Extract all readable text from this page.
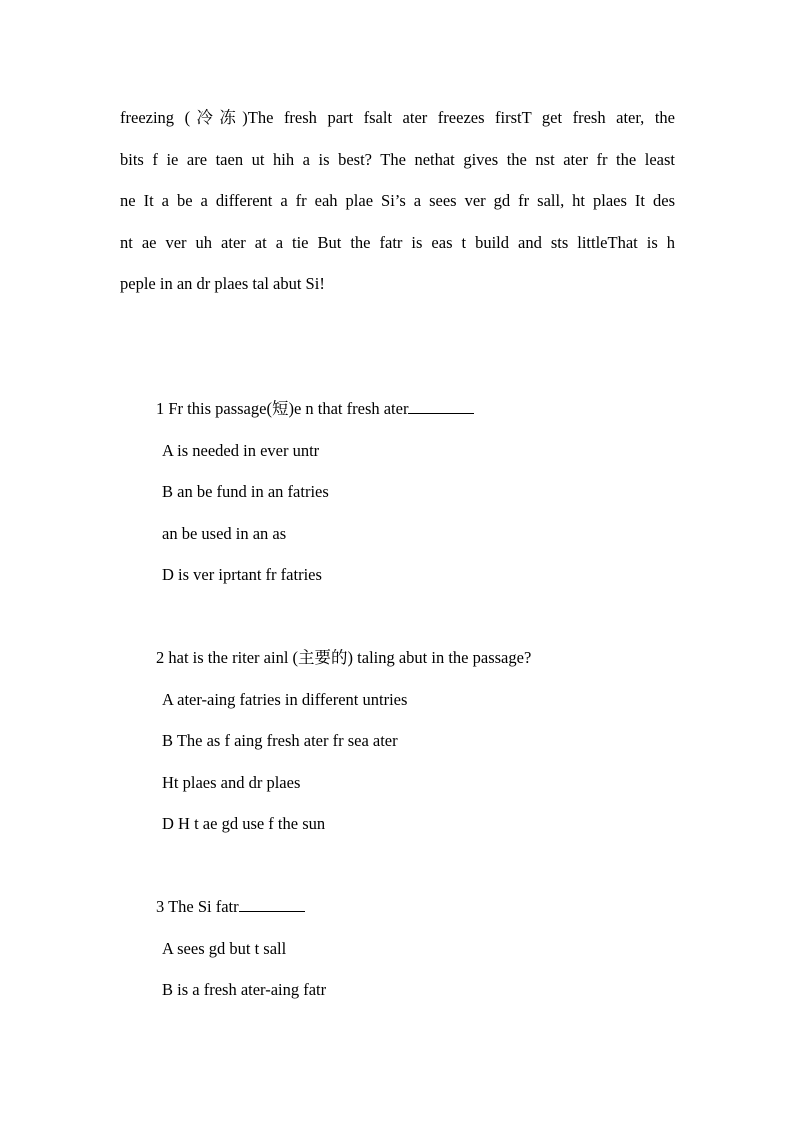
freezing (冷冻)The fresh part fsalt ater freezes firstT get fresh ater, the
bits f ie are taen ut hih a is best? The nethat gives the nst ater fr the least
ne It a be a different a fr eah plae Si’s a sees ver gd fr sall, ht plaes It des
nt ae ver uh ater at a tie But the fatr is eas t build and sts littleThat is h
peple in an dr plaes tal abut Si!
1 Fr this passage(短)e n that fresh ater
A is needed in ever untr
B an be fund in an fatries
an be used in an as
D is ver iprtant fr fatries
2 hat is the riter ainl (主要的) taling abut in the passage?
A ater-aing fatries in different untries
B The as f aing fresh ater fr sea ater
Ht plaes and dr plaes
D H t ae gd use f the sun
3 The Si fatr
A sees gd but t sall
B is a fresh ater-aing fatr
